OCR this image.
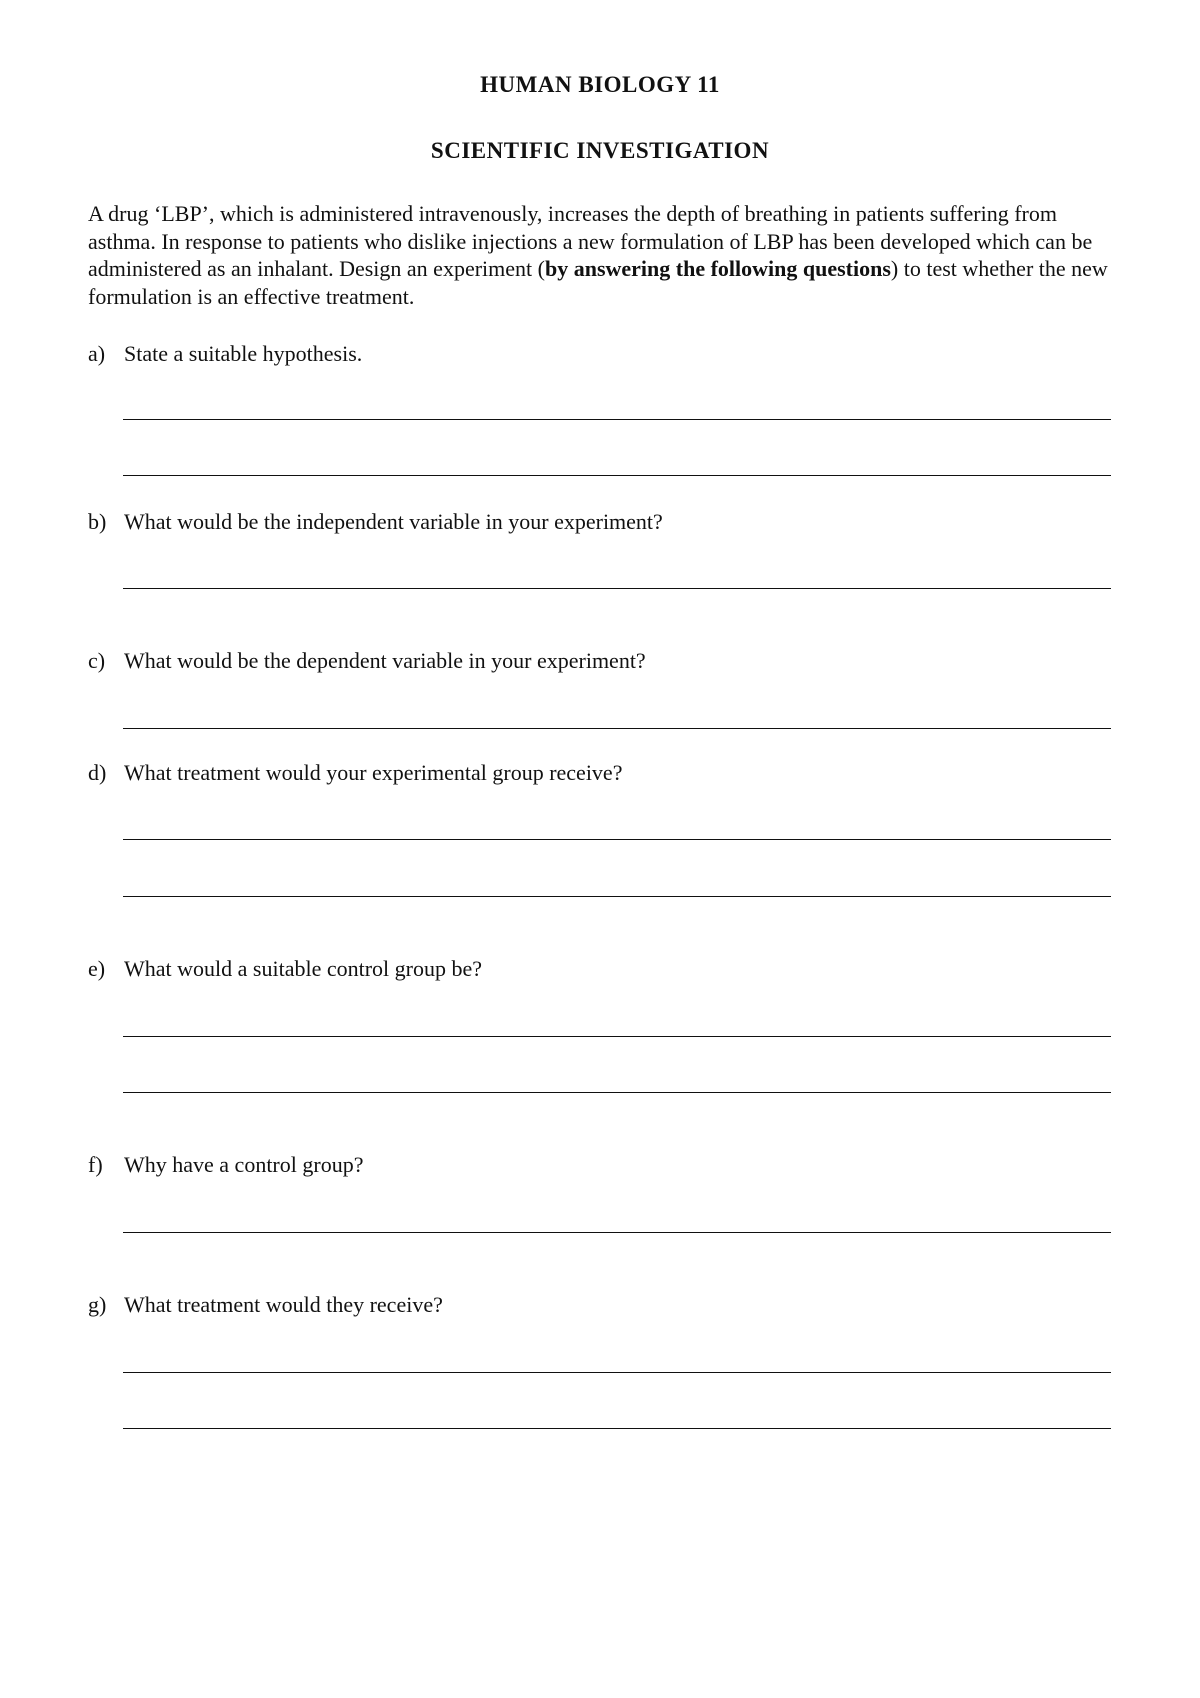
HUMAN BIOLOGY 11
SCIENTIFIC INVESTIGATION
A drug ‘LBP’, which is administered intravenously, increases the depth of breathing in patients suffering from asthma. In response to patients who dislike injections a new formulation of LBP has been developed which can be administered as an inhalant. Design an experiment (by answering the following questions) to test whether the new formulation is an effective treatment.
a) State a suitable hypothesis.
b) What would be the independent variable in your experiment?
c) What would be the dependent variable in your experiment?
d) What treatment would your experimental group receive?
e) What would a suitable control group be?
f) Why have a control group?
g) What treatment would they receive?
